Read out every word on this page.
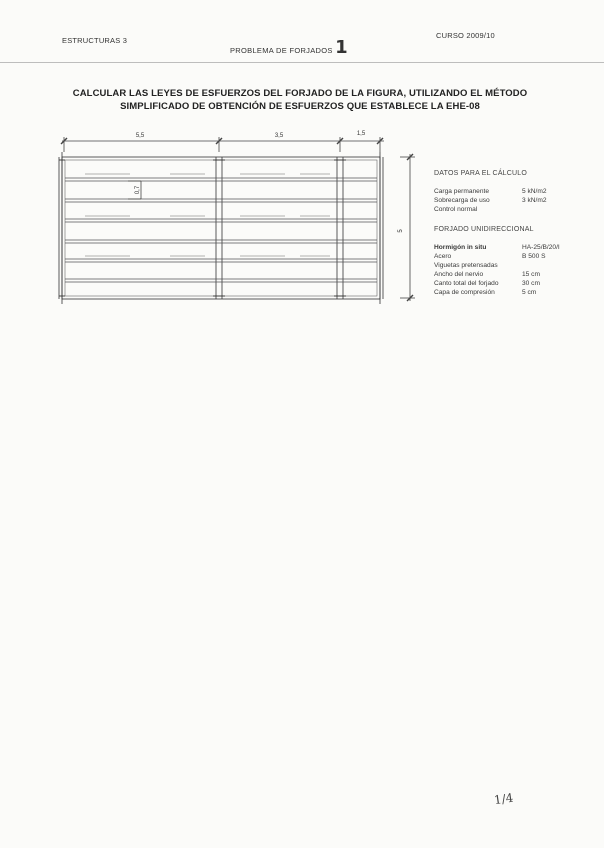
ESTRUCTURAS 3
CURSO 2009/10
PROBLEMA DE FORJADOS 1
CALCULAR LAS LEYES DE ESFUERZOS DEL FORJADO DE LA FIGURA, UTILIZANDO EL MÉTODO
SIMPLIFICADO DE OBTENCIÓN DE ESFUERZOS QUE ESTABLECE LA EHE-08
5,5	3,5	1,5
5
0,7
DATOS PARA EL CÁLCULO
Carga permanente	5 kN/m2
Sobrecarga de uso	3 kN/m2
Control normal
FORJADO UNIDIRECCIONAL
Hormigón in situ	HA-25/B/20/I
Acero	B 500 S
Viguetas pretensadas
Ancho del nervio	15 cm
Canto total del forjado	30 cm
Capa de compresión	5 cm
1/4
